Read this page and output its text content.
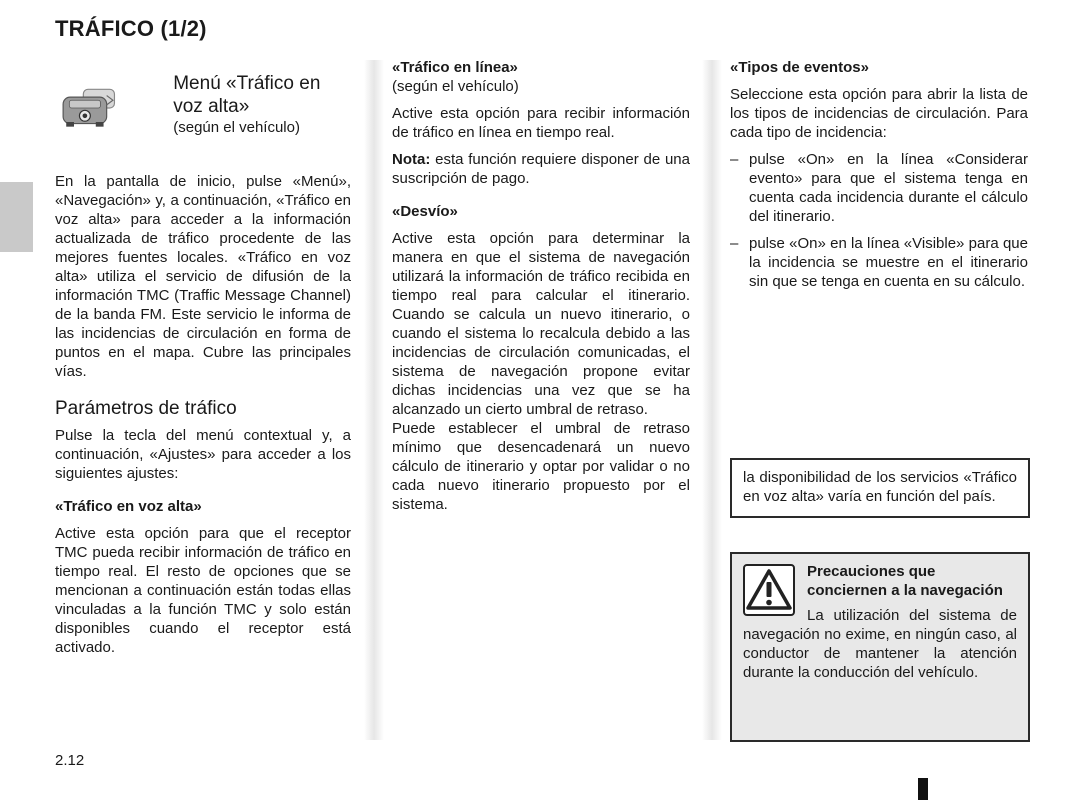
TRÁFICO (1/2)
Menú «Tráfico en voz alta»
(según el vehículo)

En la pantalla de inicio, pulse «Menú», «Navegación» y, a continuación, «Tráfico en voz alta» para acceder a la información actualizada de tráfico procedente de las mejores fuentes locales. «Tráfico en voz alta» utiliza el servicio de difusión de la información TMC (Traffic Message Channel) de la banda FM. Este servicio le informa de las incidencias de circulación en forma de puntos en el mapa. Cubre las principales vías.

Parámetros de tráfico

Pulse la tecla del menú contextual y, a continuación, «Ajustes» para acceder a los siguientes ajustes:

«Tráfico en voz alta»

Active esta opción para que el receptor TMC pueda recibir información de tráfico en tiempo real. El resto de opciones que se mencionan a continuación están todas ellas vinculadas a la función TMC y solo están disponibles cuando el receptor está activado.

«Tráfico en línea»

(según el vehículo)

Active esta opción para recibir información de tráfico en línea en tiempo real.

Nota: esta función requiere disponer de una suscripción de pago.

«Desvío»

Active esta opción para determinar la manera en que el sistema de navegación utilizará la información de tráfico recibida en tiempo real para calcular el itinerario. Cuando se calcula un nuevo itinerario, o cuando el sistema lo recalcula debido a las incidencias de circulación comunicadas, el sistema de navegación propone evitar dichas incidencias una vez que se ha alcanzado un cierto umbral de retraso.

Puede establecer el umbral de retraso mínimo que desencadenará un nuevo cálculo de itinerario y optar por validar o no cada nuevo itinerario propuesto por el sistema.

«Tipos de eventos»

Seleccione esta opción para abrir la lista de los tipos de incidencias de circulación. Para cada tipo de incidencia:

– pulse «On» en la línea «Considerar evento» para que el sistema tenga en cuenta cada incidencia durante el cálculo del itinerario.
– pulse «On» en la línea «Visible» para que la incidencia se muestre en el itinerario sin que se tenga en cuenta en su cálculo.
la disponibilidad de los servicios «Tráfico en voz alta» varía en función del país.

Precauciones que conciernen a la navegación

La utilización del sistema de navegación no exime, en ningún caso, al conductor de mantener la atención durante la conducción del vehículo.

2.12
